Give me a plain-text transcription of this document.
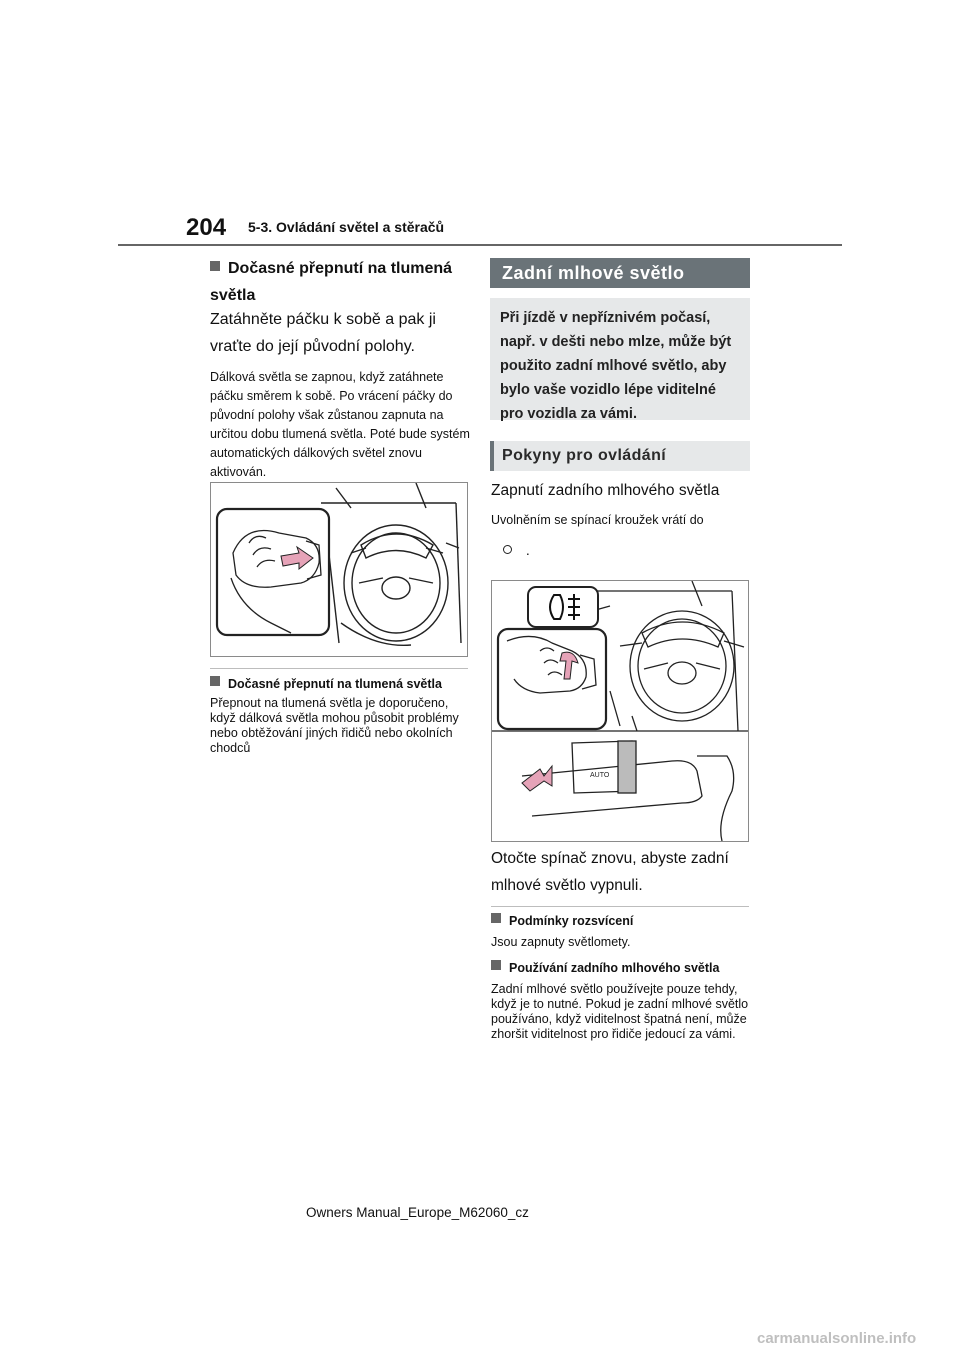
204 5-3. Ovládání světel a stěračů
Dočasné přepnutí na tlumená světla
Zatáhněte páčku k sobě a pak ji vraťte do její původní polohy.
Dálková světla se zapnou, když zatáhnete páčku směrem k sobě. Po vrácení páčky do původní polohy však zůstanou zapnuta na určitou dobu tlumená světla. Poté bude systém automatických dálkových světel znovu aktivován.
Dočasné přepnutí na tlumená světla
Přepnout na tlumená světla je doporučeno, když dálková světla mohou působit problémy nebo obtěžování jiných řidičů nebo okolních chodců
Zadní mlhové světlo
Při jízdě v nepříznivém počasí, např. v dešti nebo mlze, může být použito zadní mlhové světlo, aby bylo vaše vozidlo lépe viditelné pro vozidla za vámi.
Pokyny pro ovládání
Zapnutí zadního mlhového světla
Uvolněním se spínací kroužek vrátí do
.
AUTO
Otočte spínač znovu, abyste zadní mlhové světlo vypnuli.
Podmínky rozsvícení
Jsou zapnuty světlomety.
Používání zadního mlhového světla
Zadní mlhové světlo používejte pouze tehdy, když je to nutné. Pokud je zadní mlhové světlo používáno, když viditelnost špatná není, může zhoršit viditelnost pro řidiče jedoucí za vámi.
Owners Manual_Europe_M62060_cz
carmanualsonline.info
